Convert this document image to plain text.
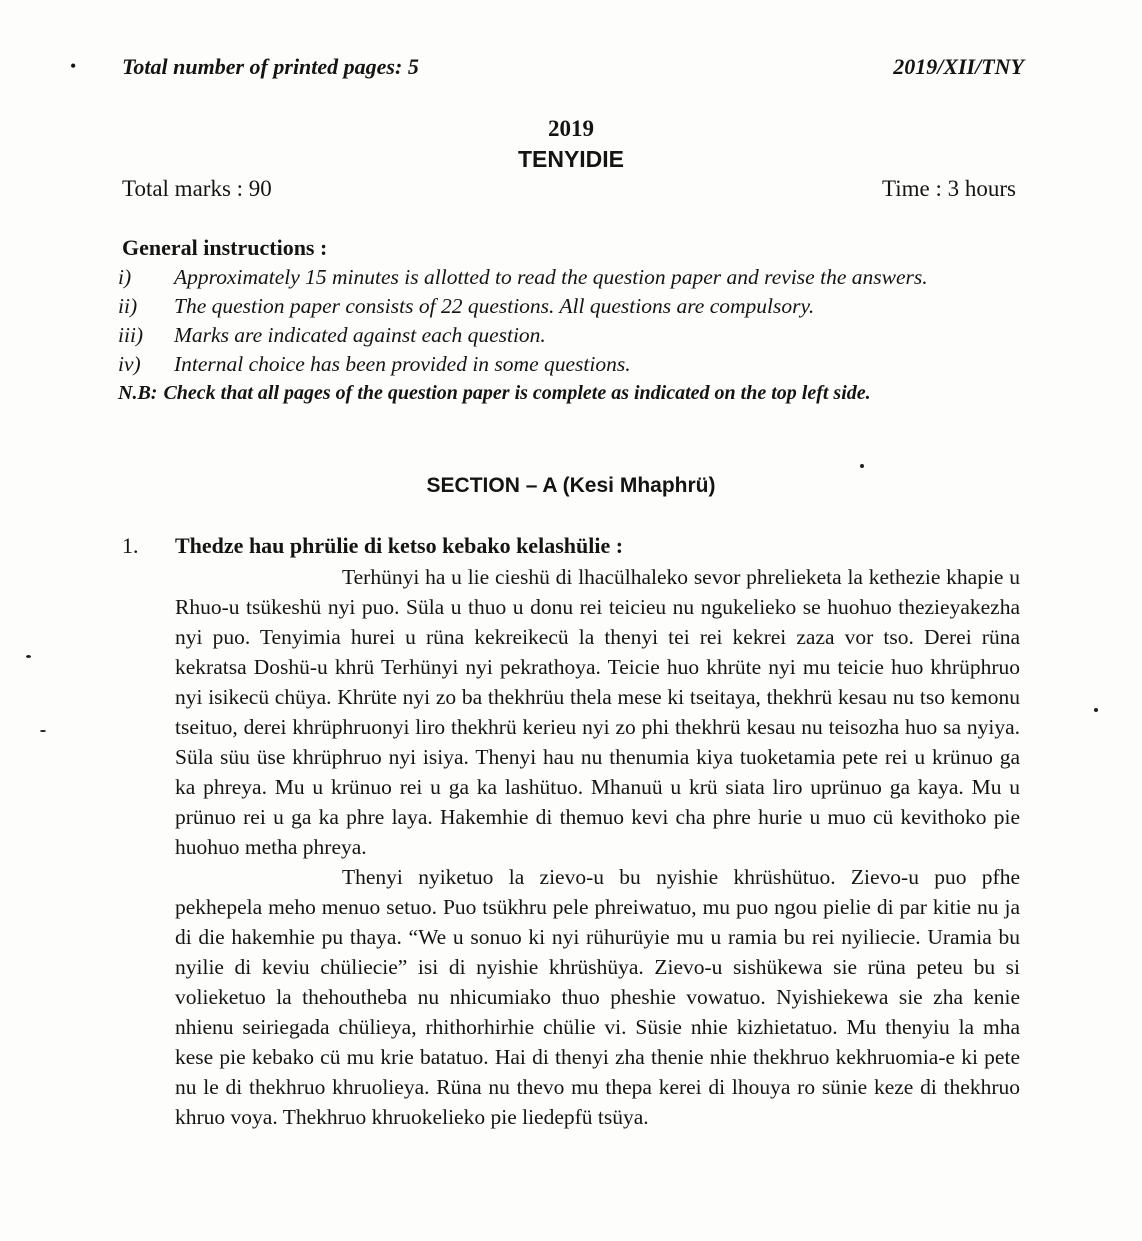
• Total number of printed pages: 5	2019/XII/TNY
2019
TENYIDIE
Total marks : 90	Time : 3 hours
General instructions :
i)	Approximately 15 minutes is allotted to read the question paper and revise the answers.
ii)	The question paper consists of 22 questions. All questions are compulsory.
iii)	Marks are indicated against each question.
iv)	Internal choice has been provided in some questions.
N.B: Check that all pages of the question paper is complete as indicated on the top left side.
SECTION – A (Kesi Mhaphrü)
1. Thedze hau phrülie di ketso kebako kelashülie :

Terhünyi ha u lie cieshü di lhacülhaleko sevor phrelieketa la kethezie khapie u Rhuo-u tsükeshü nyi puo. Süla u thuo u donu rei teicieu nu ngukelieko se huohuo thezieyakezha nyi puo. Tenyimia hurei u rüna kekreikecü la thenyi tei rei kekrei zaza vor tso. Derei rüna kekratsa Doshü-u khrü Terhünyi nyi pekrathoya. Teicie huo khrüte nyi mu teicie huo khrüphruo nyi isikecü chüya. Khrüte nyi zo ba thekhrüu thela mese ki tseitaya, thekhrü kesau nu tso kemonu tseituo, derei khrüphruonyi liro thekhrü kerieu nyi zo phi thekhrü kesau nu teisozha huo sa nyiya. Süla süu üse khrüphruo nyi isiya. Thenyi hau nu thenumia kiya tuoketamia pete rei u krünuo ga ka phreya. Mu u krünuo rei u ga ka lashütuo. Mhanuü u krü siata liro uprünuo ga kaya. Mu u prünuo rei u ga ka phre laya. Hakemhie di themuo kevi cha phre hurie u muo cü kevithoko pie huohuo metha phreya.

Thenyi nyiketuo la zievo-u bu nyishie khrüshütuo. Zievo-u puo pfhe pekhepela meho menuo setuo. Puo tsükhru pele phreiwatuo, mu puo ngou pielie di par kitie nu ja di die hakemhie pu thaya. “We u sonuo ki nyi rühurüyie mu u ramia bu rei nyiliecie. Uramia bu nyilie di keviu chüliecie” isi di nyishie khrüshüya. Zievo-u sishükewa sie rüna peteu bu si volieketuo la thehoutheba nu nhicumiako thuo pheshie vowatuo. Nyishiekewa sie zha kenie nhienu seiriegada chülieya, rhithorhirhie chülie vi. Süsie nhie kizhietatuo. Mu thenyiu la mha kese pie kebako cü mu krie batatuo. Hai di thenyi zha thenie nhie thekhruo kekhruomia-e ki pete nu le di thekhruo khruolieya. Rüna nu thevo mu thepa kerei di lhouya ro sünie keze di thekhruo khruo voya. Thekhruo khruokelieko pie liedepfü tsüya.
